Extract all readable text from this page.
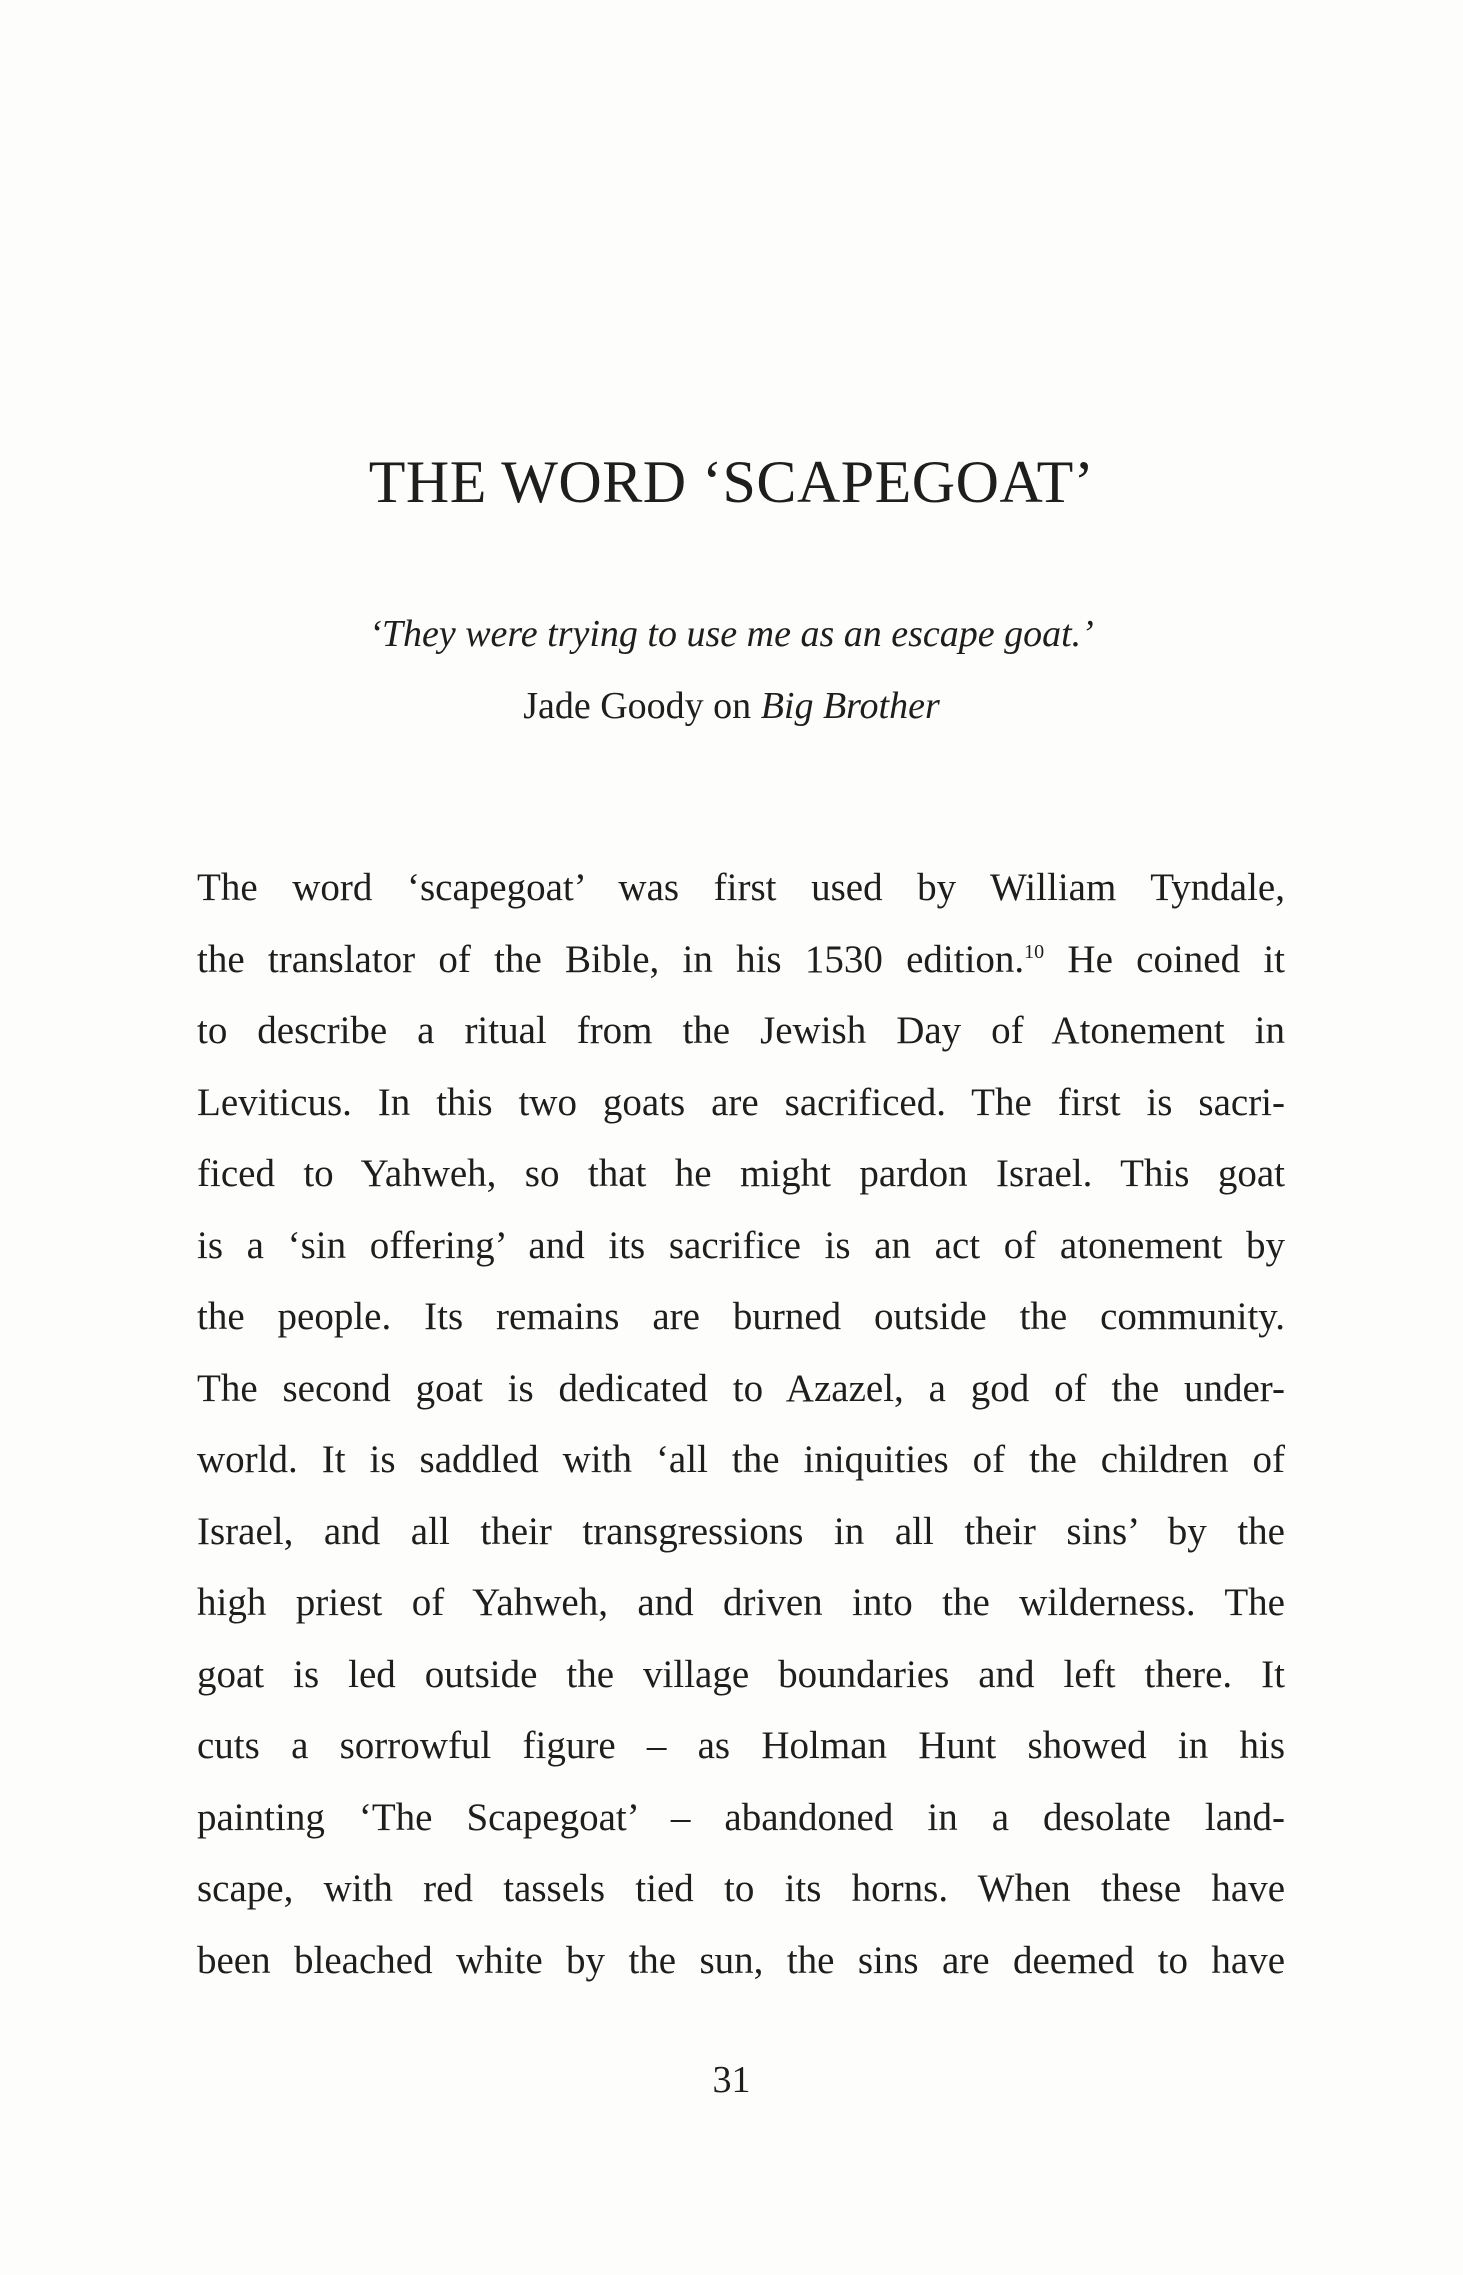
THE WORD ‘SCAPEGOAT’
‘They were trying to use me as an escape goat.’
Jade Goody on Big Brother
The word ‘scapegoat’ was first used by William Tyndale,
the translator of the Bible, in his 1530 edition.$^{10}$ He coined it
to describe a ritual from the Jewish Day of Atonement in
Leviticus. In this two goats are sacrificed. The first is sacri-
ficed to Yahweh, so that he might pardon Israel. This goat
is a ‘sin offering’ and its sacrifice is an act of atonement by
the people. Its remains are burned outside the community.
The second goat is dedicated to Azazel, a god of the under-
world. It is saddled with ‘all the iniquities of the children of
Israel, and all their transgressions in all their sins’ by the
high priest of Yahweh, and driven into the wilderness. The
goat is led outside the village boundaries and left there. It
cuts a sorrowful figure – as Holman Hunt showed in his
painting ‘The Scapegoat’ – abandoned in a desolate land-
scape, with red tassels tied to its horns. When these have
been bleached white by the sun, the sins are deemed to have
31
